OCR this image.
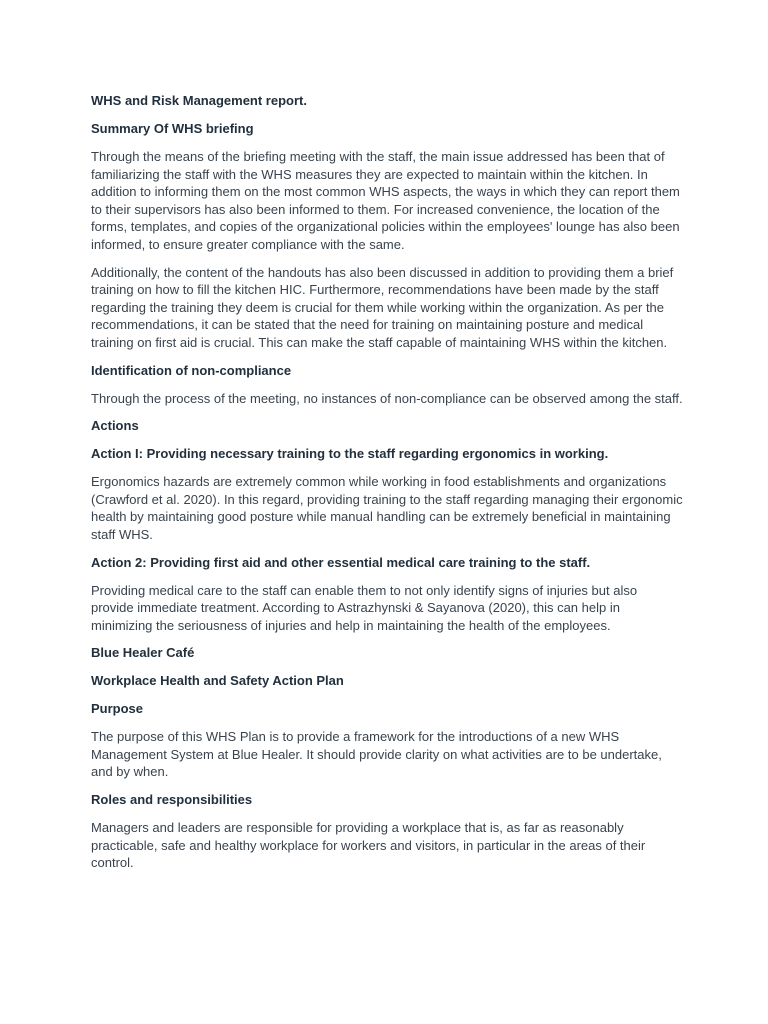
WHS and Risk Management report.

Summary Of WHS briefing

Through the means of the briefing meeting with the staff, the main issue addressed has been that of familiarizing the staff with the WHS measures they are expected to maintain within the kitchen. In addition to informing them on the most common WHS aspects, the ways in which they can report them to their supervisors has also been informed to them. For increased convenience, the location of the forms, templates, and copies of the organizational policies within the employees' lounge has also been informed, to ensure greater compliance with the same.

Additionally, the content of the handouts has also been discussed in addition to providing them a brief training on how to fill the kitchen HIC. Furthermore, recommendations have been made by the staff regarding the training they deem is crucial for them while working within the organization. As per the recommendations, it can be stated that the need for training on maintaining posture and medical training on first aid is crucial. This can make the staff capable of maintaining WHS within the kitchen.

Identification of non-compliance

Through the process of the meeting, no instances of non-compliance can be observed among the staff.

Actions

Action I: Providing necessary training to the staff regarding ergonomics in working.

Ergonomics hazards are extremely common while working in food establishments and organizations (Crawford et al. 2020). In this regard, providing training to the staff regarding managing their ergonomic health by maintaining good posture while manual handling can be extremely beneficial in maintaining staff WHS.

Action 2: Providing first aid and other essential medical care training to the staff.

Providing medical care to the staff can enable them to not only identify signs of injuries but also provide immediate treatment. According to Astrazhynski & Sayanova (2020), this can help in minimizing the seriousness of injuries and help in maintaining the health of the employees.

Blue Healer Café

Workplace Health and Safety Action Plan

Purpose

The purpose of this WHS Plan is to provide a framework for the introductions of a new WHS Management System at Blue Healer. It should provide clarity on what activities are to be undertake, and by when.

Roles and responsibilities

Managers and leaders are responsible for providing a workplace that is, as far as reasonably practicable, safe and healthy workplace for workers and visitors, in particular in the areas of their control.
